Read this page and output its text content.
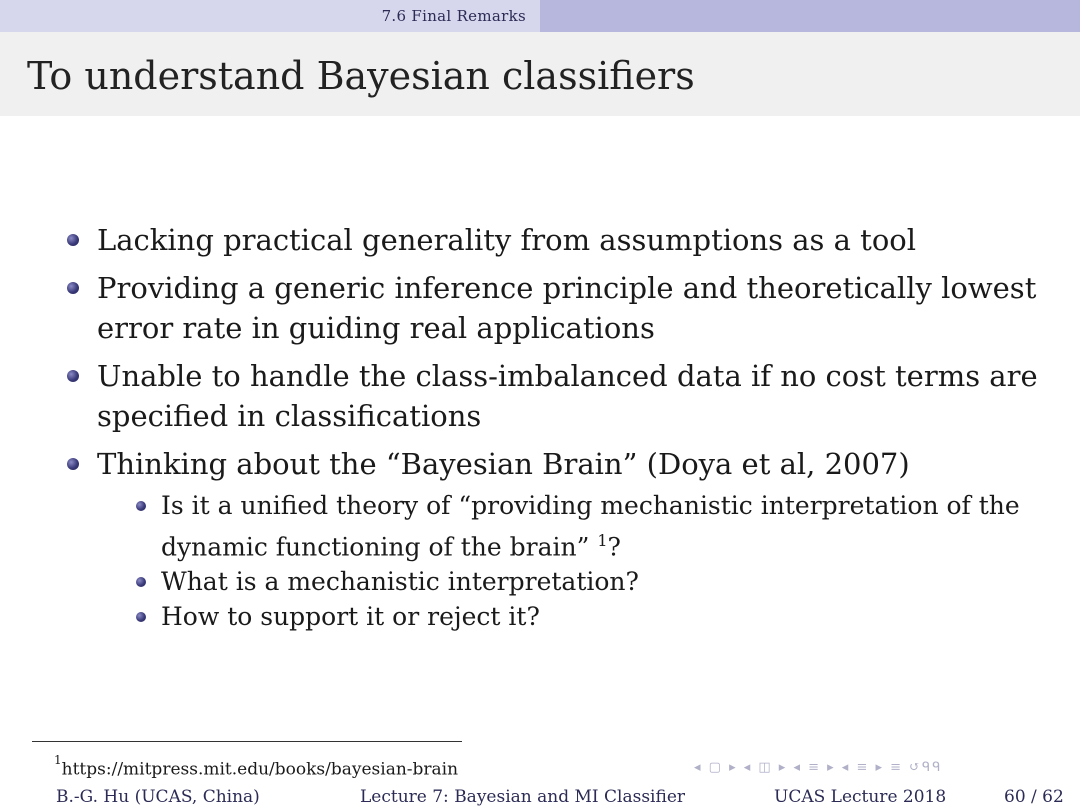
7.6 Final Remarks
To understand Bayesian classifiers
Lacking practical generality from assumptions as a tool
Providing a generic inference principle and theoretically lowest error rate in guiding real applications
Unable to handle the class-imbalanced data if no cost terms are specified in classifications
Thinking about the “Bayesian Brain” (Doya et al, 2007)
Is it a unified theory of “providing mechanistic interpretation of the dynamic functioning of the brain” $^1$?
What is a mechanistic interpretation?
How to support it or reject it?
$^1$https://mitpress.mit.edu/books/bayesian-brain	◂ ▢ ▸ ◂ ◫ ▸ ◂ ≡ ▸ ◂ ≡ ▸ ≡ ↺ᑫᑫ
B.-G. Hu (UCAS, China)	Lecture 7: Bayesian and MI Classifier	UCAS Lecture 2018	60 / 62
